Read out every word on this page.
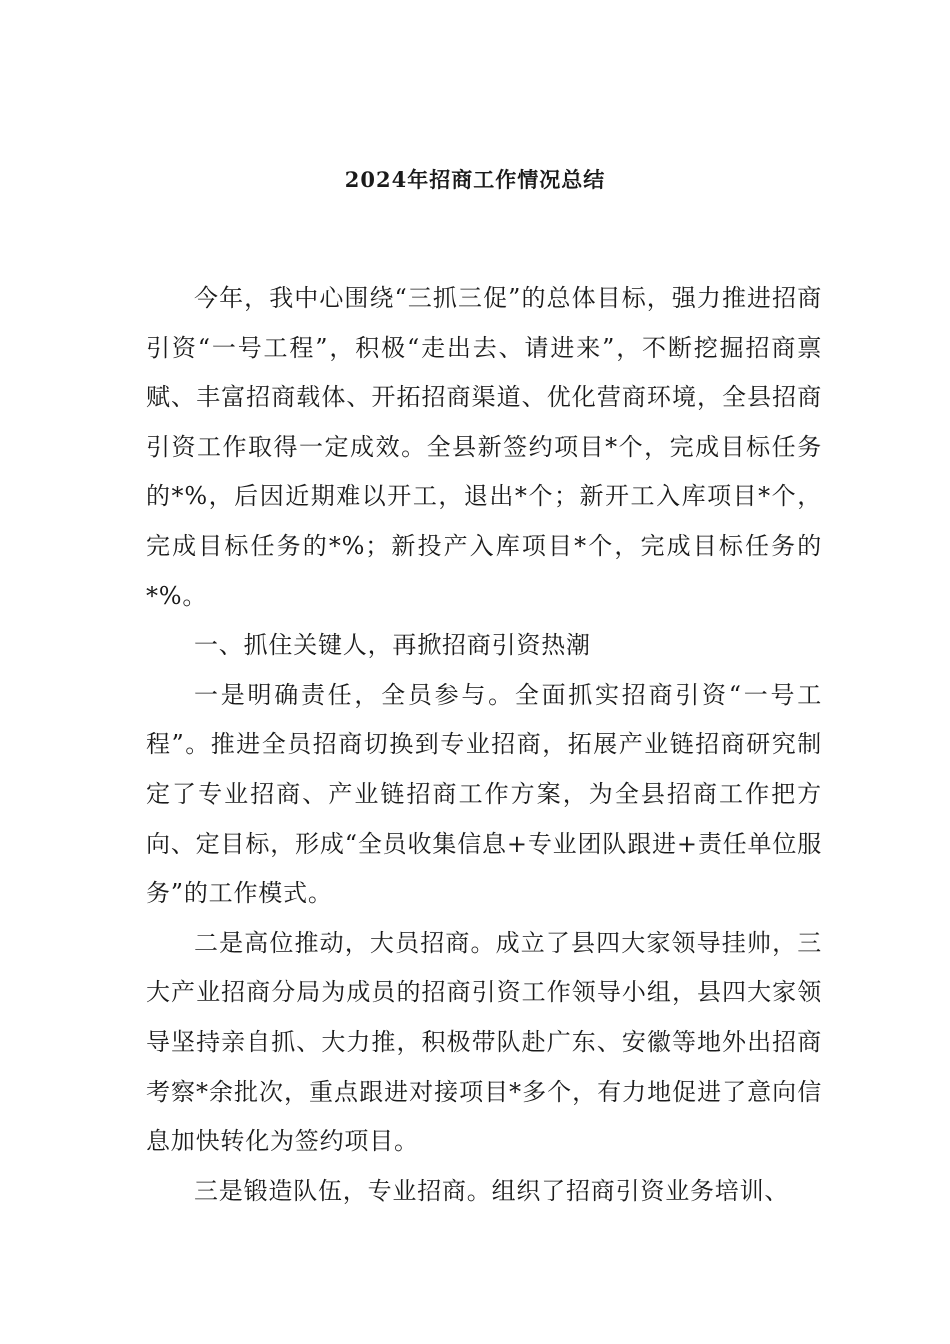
2024年招商工作情况总结

今年，我中心围绕“三抓三促”的总体目标，强力推进招商引资“一号工程”，积极“走出去、请进来”，不断挖掘招商禀赋、丰富招商载体、开拓招商渠道、优化营商环境，全县招商引资工作取得一定成效。全县新签约项目*个，完成目标任务的*%，后因近期难以开工，退出*个；新开工入库项目*个，完成目标任务的*%；新投产入库项目*个，完成目标任务的*%。

一、抓住关键人，再掀招商引资热潮

一是明确责任，全员参与。全面抓实招商引资“一号工程”。推进全员招商切换到专业招商，拓展产业链招商研究制定了专业招商、产业链招商工作方案，为全县招商工作把方向、定目标，形成“全员收集信息+专业团队跟进+责任单位服务”的工作模式。

二是高位推动，大员招商。成立了县四大家领导挂帅，三大产业招商分局为成员的招商引资工作领导小组，县四大家领导坚持亲自抓、大力推，积极带队赴广东、安徽等地外出招商考察*余批次，重点跟进对接项目*多个，有力地促进了意向信息加快转化为签约项目。

三是锻造队伍，专业招商。组织了招商引资业务培训、
